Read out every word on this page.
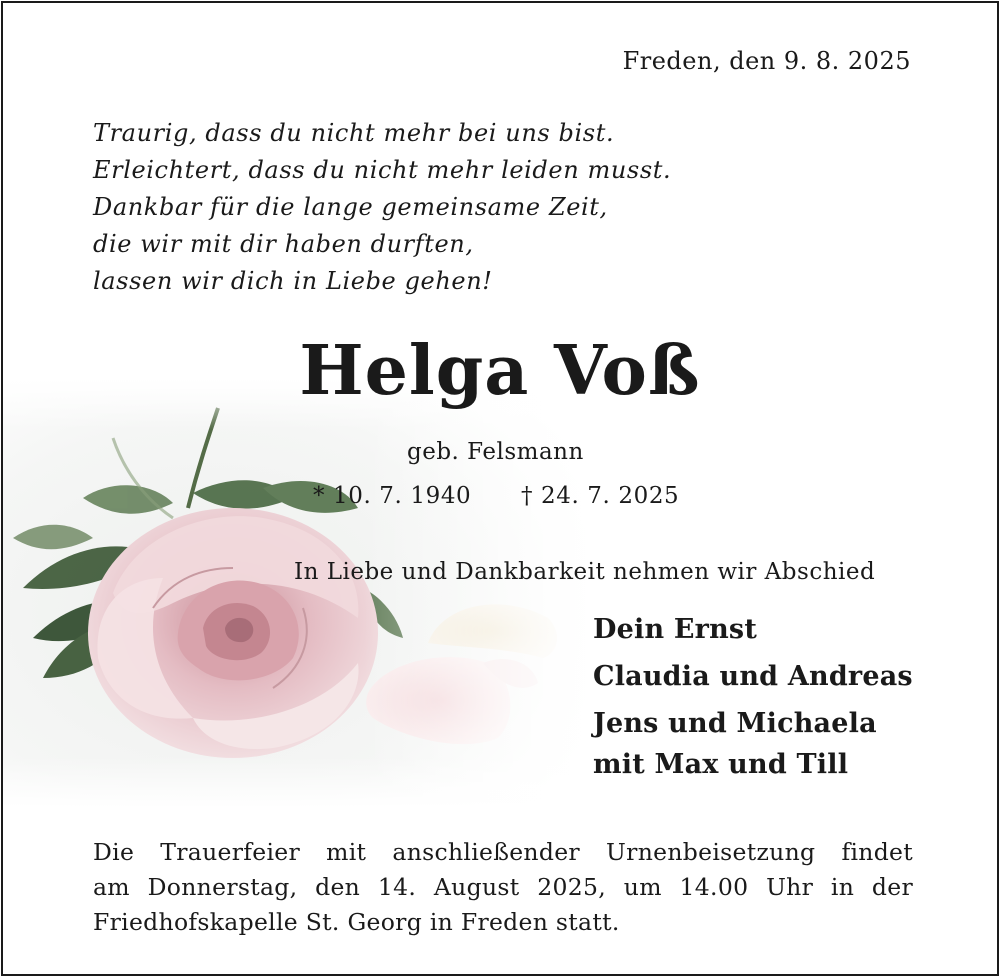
Freden, den 9. 8. 2025
Traurig, dass du nicht mehr bei uns bist.
Erleichtert, dass du nicht mehr leiden musst.
Dankbar für die lange gemeinsame Zeit,
die wir mit dir haben durften,
lassen wir dich in Liebe gehen!
Helga Voß
geb. Felsmann
* 10. 7. 1940 † 24. 7. 2025
In Liebe und Dankbarkeit nehmen wir Abschied
Dein Ernst
Claudia und Andreas
Jens und Michaela
mit Max und Till
Die Trauerfeier mit anschließender Urnenbeisetzung findet
am Donnerstag, den 14. August 2025, um 14.00 Uhr in der
Friedhofskapelle St. Georg in Freden statt.
